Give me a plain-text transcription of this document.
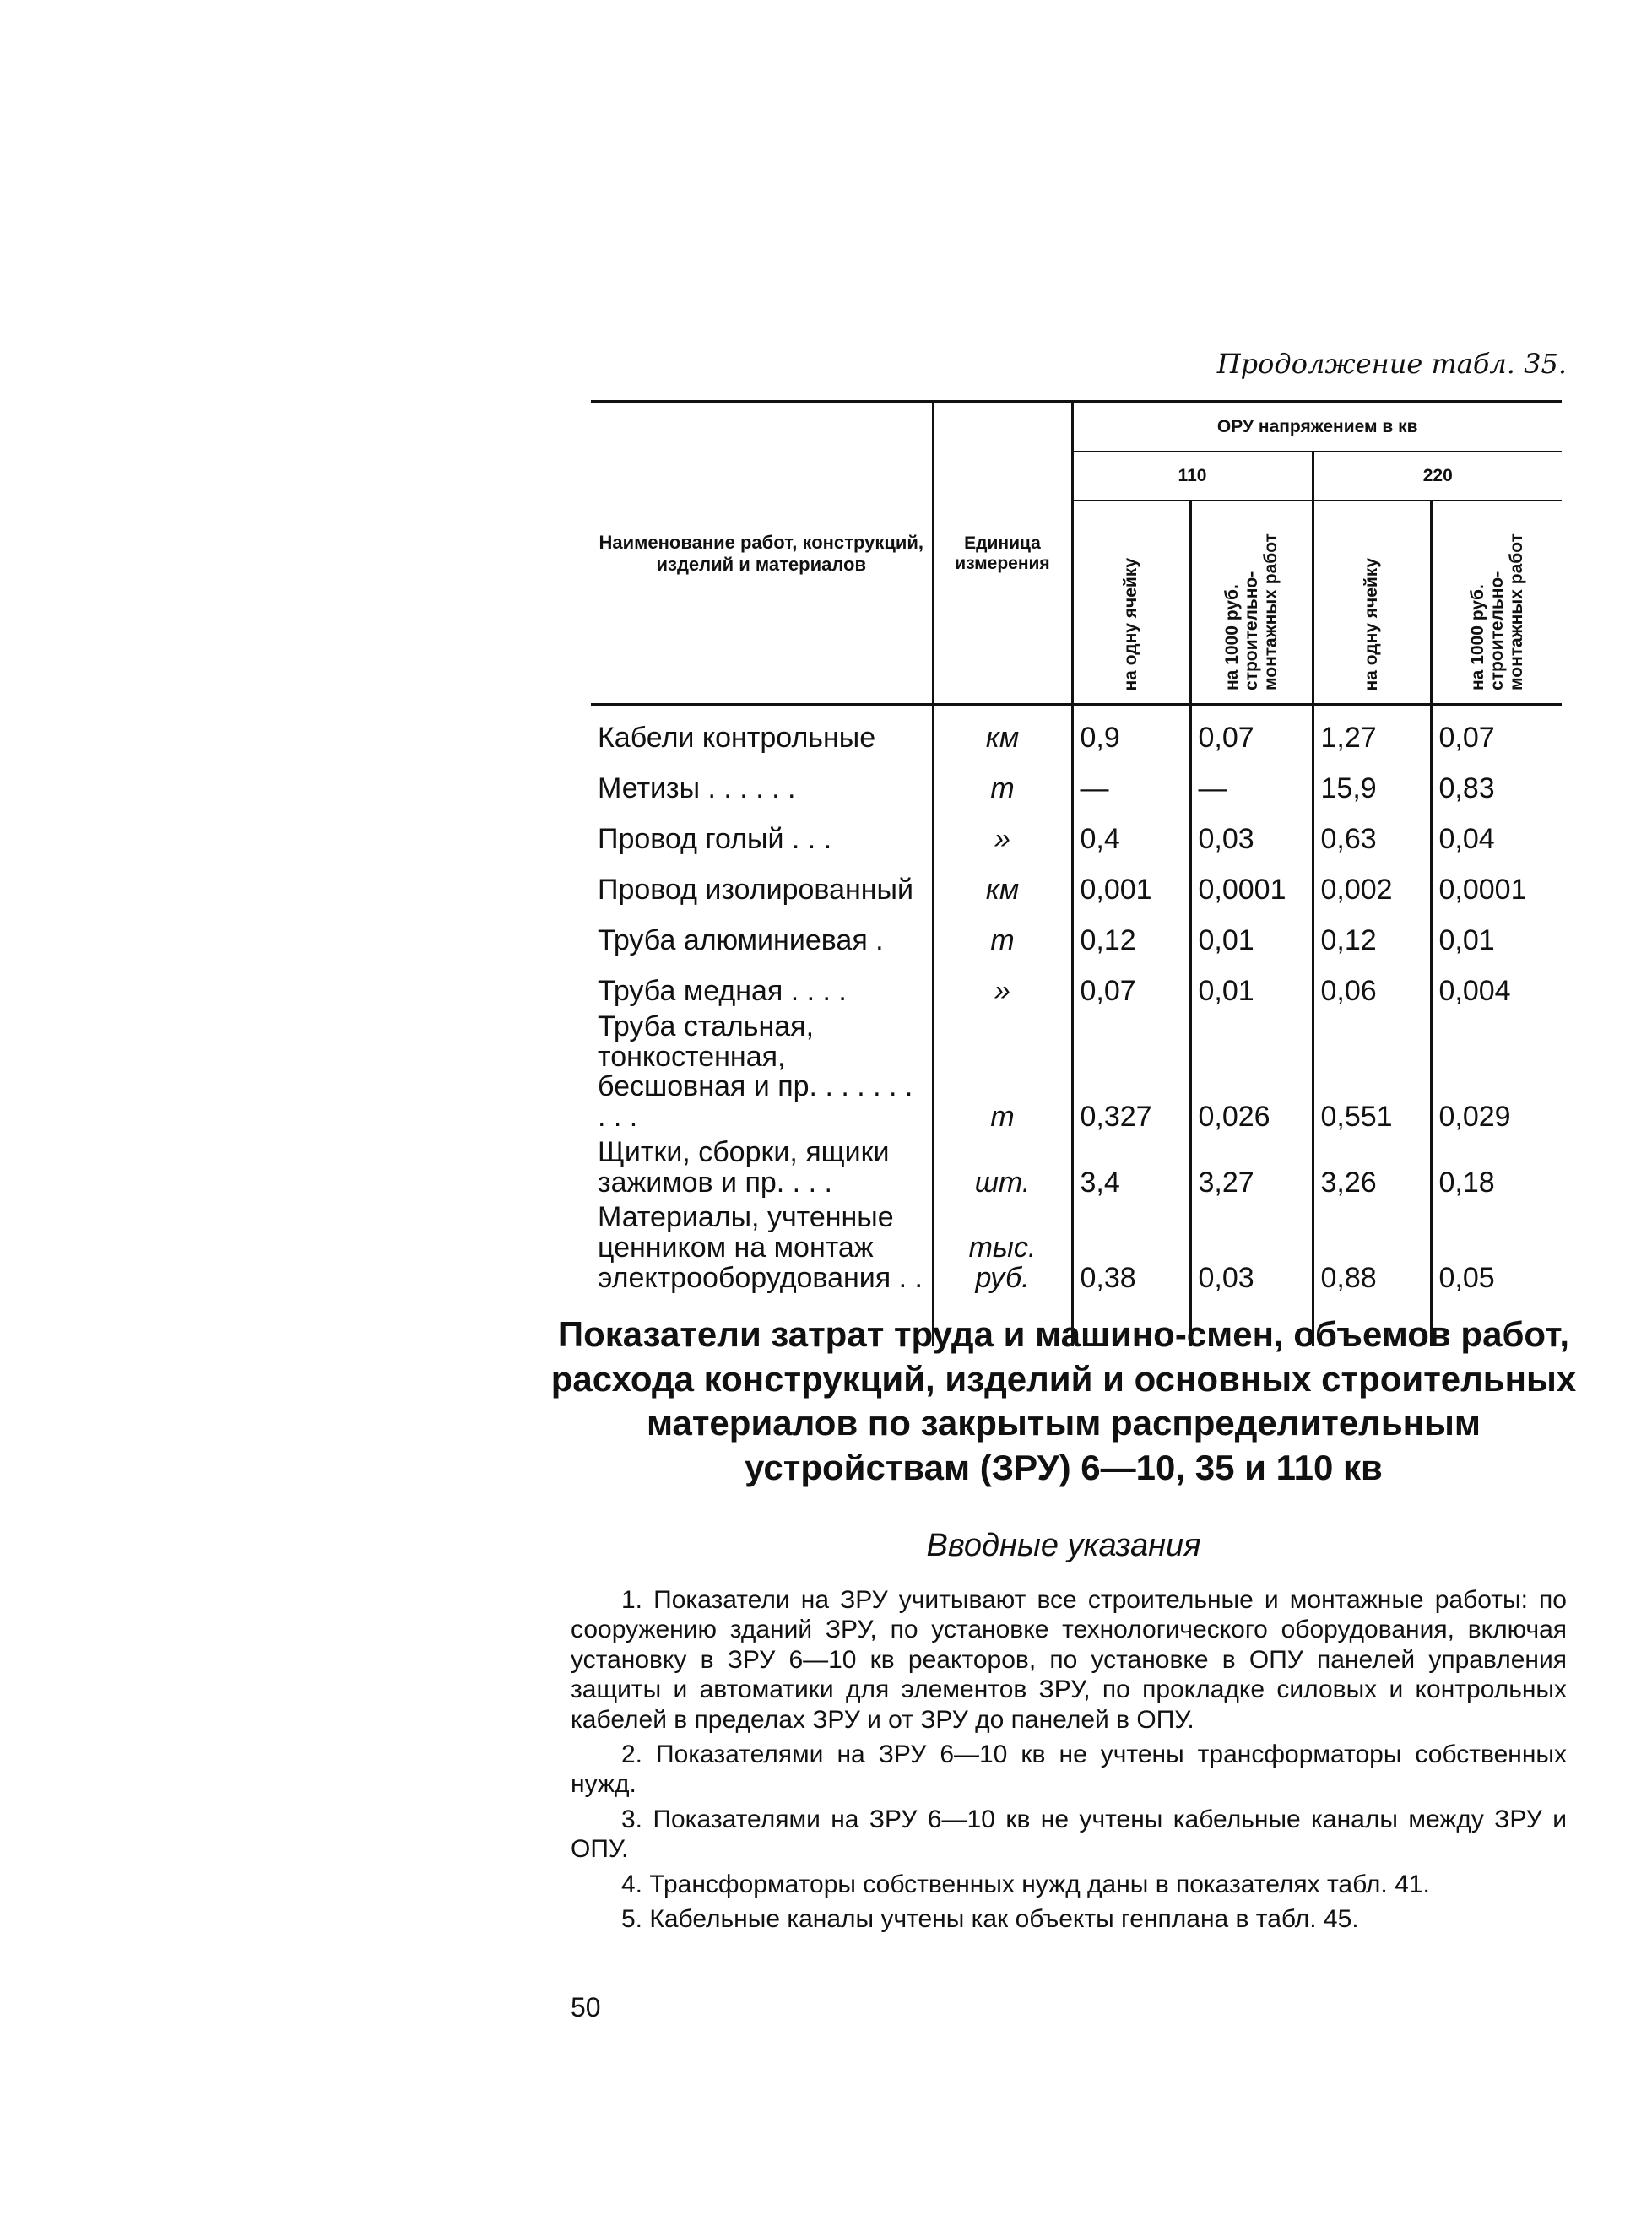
Продолжение табл. 35.
Наименование работ, конструкций, изделий и материалов	Единица измерения	ОРУ напряжением в кв			
		110		220	
		на одну ячейку	на 1000 руб. строительно-монтажных работ	на одну ячейку	на 1000 руб. строительно-монтажных работ
Кабели контрольные	км	0,9	0,07	1,27	0,07
Метизы . . . . . .	т	—	—	15,9	0,83
Провод голый . . .	»	0,4	0,03	0,63	0,04
Провод изолированный	км	0,001	0,0001	0,002	0,0001
Труба алюминиевая .	т	0,12	0,01	0,12	0,01
Труба медная . . . .	»	0,07	0,01	0,06	0,004
Труба стальная, тонкостенная, бесшовная и пр. . . . . . . . . .	т	0,327	0,026	0,551	0,029
Щитки, сборки, ящики зажимов и пр. . . .	шт.	3,4	3,27	3,26	0,18
Материалы, учтенные ценником на монтаж электрооборудования . .	тыс. руб.	0,38	0,03	0,88	0,05

Показатели затрат труда и машино-смен, объемов работ, расхода конструкций, изделий и основных строительных материалов по закрытым распределительным устройствам (ЗРУ) 6—10, 35 и 110 кв
Вводные указания

1. Показатели на ЗРУ учитывают все строительные и монтажные работы: по сооружению зданий ЗРУ, по установке технологического оборудования, включая установку в ЗРУ 6—10 кв реакторов, по установке в ОПУ панелей управления защиты и автоматики для элементов ЗРУ, по прокладке силовых и контрольных кабелей в пределах ЗРУ и от ЗРУ до панелей в ОПУ.

2. Показателями на ЗРУ 6—10 кв не учтены трансформаторы собственных нужд.

3. Показателями на ЗРУ 6—10 кв не учтены кабельные каналы между ЗРУ и ОПУ.

4. Трансформаторы собственных нужд даны в показателях табл. 41.

5. Кабельные каналы учтены как объекты генплана в табл. 45.

50
